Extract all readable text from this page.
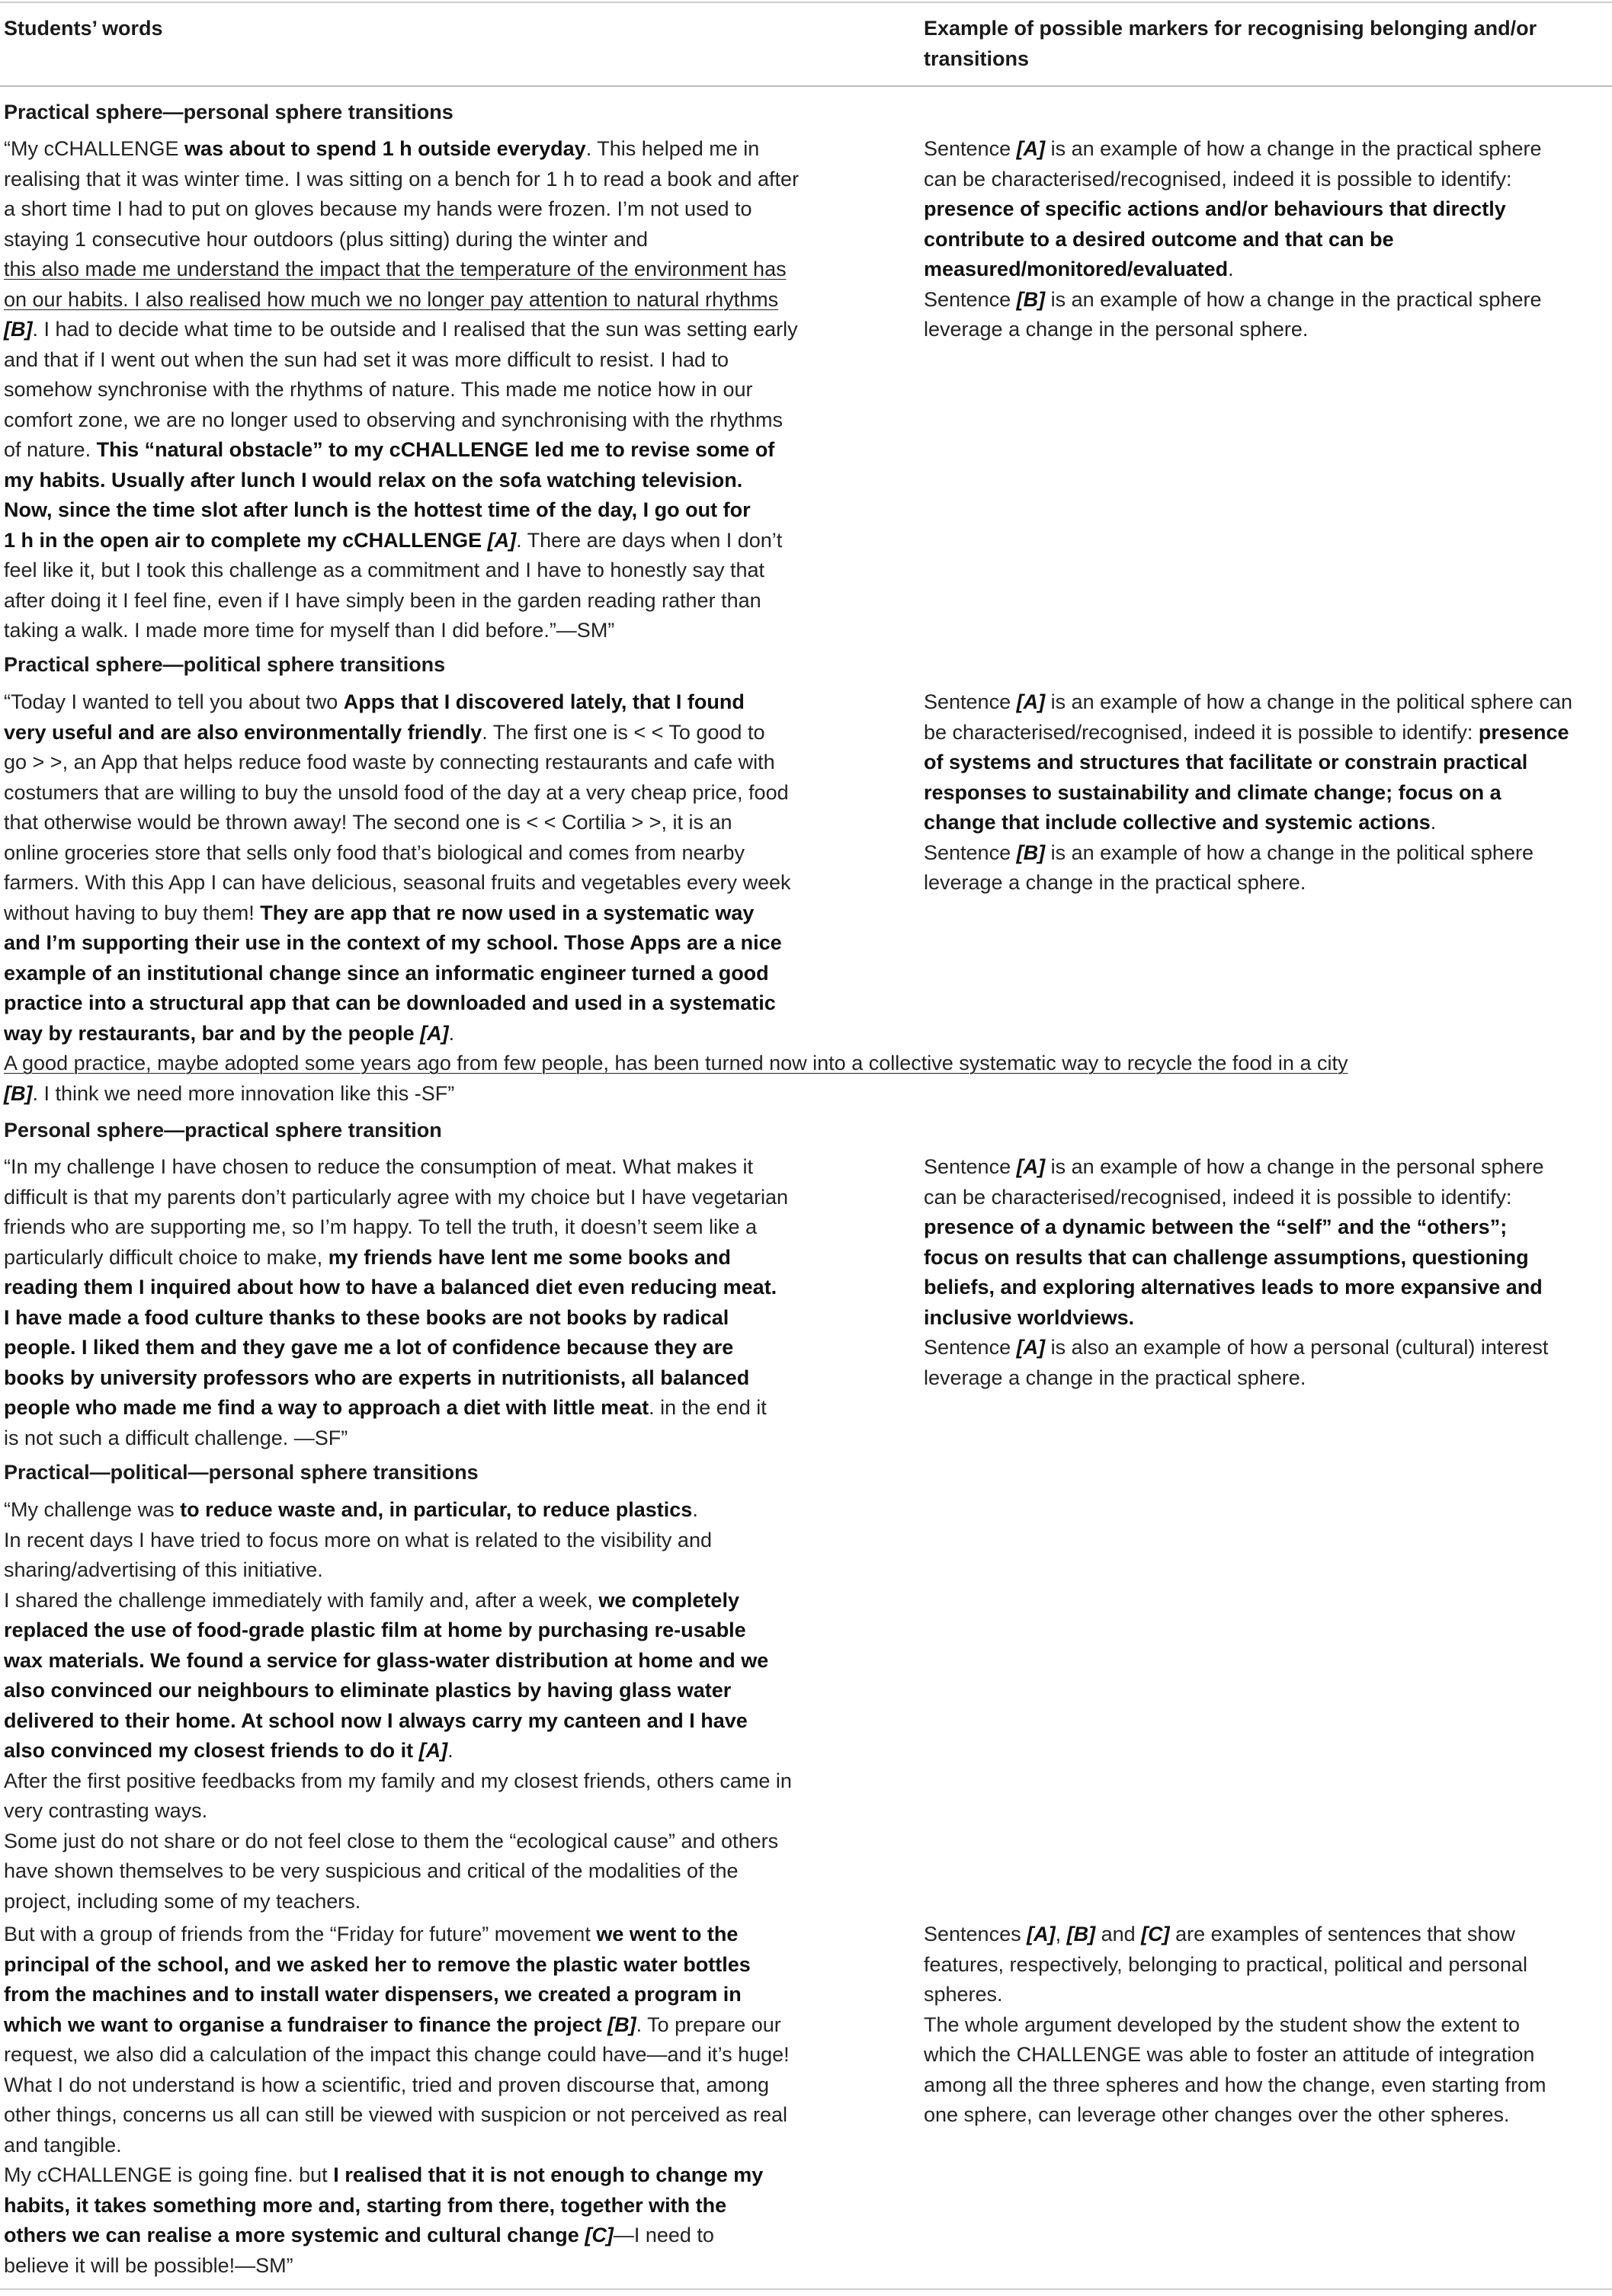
Students’ words	Example of possible markers for recognising belonging and/or
transitions
Practical sphere—personal sphere transitions
“My cCHALLENGE was about to spend 1 h outside everyday. This helped me in
realising that it was winter time. I was sitting on a bench for 1 h to read a book and after
a short time I had to put on gloves because my hands were frozen. I’m not used to
staying 1 consecutive hour outdoors (plus sitting) during the winter and
this also made me understand the impact that the temperature of the environment has
on our habits. I also realised how much we no longer pay attention to natural rhythms
[B]. I had to decide what time to be outside and I realised that the sun was setting early
and that if I went out when the sun had set it was more difficult to resist. I had to
somehow synchronise with the rhythms of nature. This made me notice how in our
comfort zone, we are no longer used to observing and synchronising with the rhythms
of nature. This “natural obstacle” to my cCHALLENGE led me to revise some of
my habits. Usually after lunch I would relax on the sofa watching television.
Now, since the time slot after lunch is the hottest time of the day, I go out for
1 h in the open air to complete my cCHALLENGE [A]. There are days when I don’t
feel like it, but I took this challenge as a commitment and I have to honestly say that
after doing it I feel fine, even if I have simply been in the garden reading rather than
taking a walk. I made more time for myself than I did before.”—SM”
Sentence [A] is an example of how a change in the practical sphere
can be characterised/recognised, indeed it is possible to identify:
presence of specific actions and/or behaviours that directly
contribute to a desired outcome and that can be
measured/monitored/evaluated.
Sentence [B] is an example of how a change in the practical sphere
leverage a change in the personal sphere.
Practical sphere—political sphere transitions
“Today I wanted to tell you about two Apps that I discovered lately, that I found
very useful and are also environmentally friendly. The first one is < < To good to
go > >, an App that helps reduce food waste by connecting restaurants and cafe with
costumers that are willing to buy the unsold food of the day at a very cheap price, food
that otherwise would be thrown away! The second one is < < Cortilia > >, it is an
online groceries store that sells only food that’s biological and comes from nearby
farmers. With this App I can have delicious, seasonal fruits and vegetables every week
without having to buy them! They are app that re now used in a systematic way
and I’m supporting their use in the context of my school. Those Apps are a nice
example of an institutional change since an informatic engineer turned a good
practice into a structural app that can be downloaded and used in a systematic
way by restaurants, bar and by the people [A].
A good practice, maybe adopted some years ago from few people, has been turned now into a collective systematic way to recycle the food in a city
[B]. I think we need more innovation like this -SF”
Sentence [A] is an example of how a change in the political sphere can
be characterised/recognised, indeed it is possible to identify: presence
of systems and structures that facilitate or constrain practical
responses to sustainability and climate change; focus on a
change that include collective and systemic actions.
Sentence [B] is an example of how a change in the political sphere
leverage a change in the practical sphere.
Personal sphere—practical sphere transition
“In my challenge I have chosen to reduce the consumption of meat. What makes it
difficult is that my parents don’t particularly agree with my choice but I have vegetarian
friends who are supporting me, so I’m happy. To tell the truth, it doesn’t seem like a
particularly difficult choice to make, my friends have lent me some books and
reading them I inquired about how to have a balanced diet even reducing meat.
I have made a food culture thanks to these books are not books by radical
people. I liked them and they gave me a lot of confidence because they are
books by university professors who are experts in nutritionists, all balanced
people who made me find a way to approach a diet with little meat. in the end it
is not such a difficult challenge. —SF”
Sentence [A] is an example of how a change in the personal sphere
can be characterised/recognised, indeed it is possible to identify:
presence of a dynamic between the “self” and the “others”;
focus on results that can challenge assumptions, questioning
beliefs, and exploring alternatives leads to more expansive and
inclusive worldviews.
Sentence [A] is also an example of how a personal (cultural) interest
leverage a change in the practical sphere.
Practical—political—personal sphere transitions
“My challenge was to reduce waste and, in particular, to reduce plastics.
In recent days I have tried to focus more on what is related to the visibility and
sharing/advertising of this initiative.
I shared the challenge immediately with family and, after a week, we completely
replaced the use of food-grade plastic film at home by purchasing re-usable
wax materials. We found a service for glass-water distribution at home and we
also convinced our neighbours to eliminate plastics by having glass water
delivered to their home. At school now I always carry my canteen and I have
also convinced my closest friends to do it [A].
After the first positive feedbacks from my family and my closest friends, others came in
very contrasting ways.
Some just do not share or do not feel close to them the “ecological cause” and others
have shown themselves to be very suspicious and critical of the modalities of the
project, including some of my teachers.
But with a group of friends from the “Friday for future” movement we went to the
principal of the school, and we asked her to remove the plastic water bottles
from the machines and to install water dispensers, we created a program in
which we want to organise a fundraiser to finance the project [B]. To prepare our
request, we also did a calculation of the impact this change could have—and it’s huge!
What I do not understand is how a scientific, tried and proven discourse that, among
other things, concerns us all can still be viewed with suspicion or not perceived as real
and tangible.
My cCHALLENGE is going fine. but I realised that it is not enough to change my
habits, it takes something more and, starting from there, together with the
others we can realise a more systemic and cultural change [C]—I need to
believe it will be possible!—SM”
Sentences [A], [B] and [C] are examples of sentences that show
features, respectively, belonging to practical, political and personal
spheres.
The whole argument developed by the student show the extent to
which the CHALLENGE was able to foster an attitude of integration
among all the three spheres and how the change, even starting from
one sphere, can leverage other changes over the other spheres.
